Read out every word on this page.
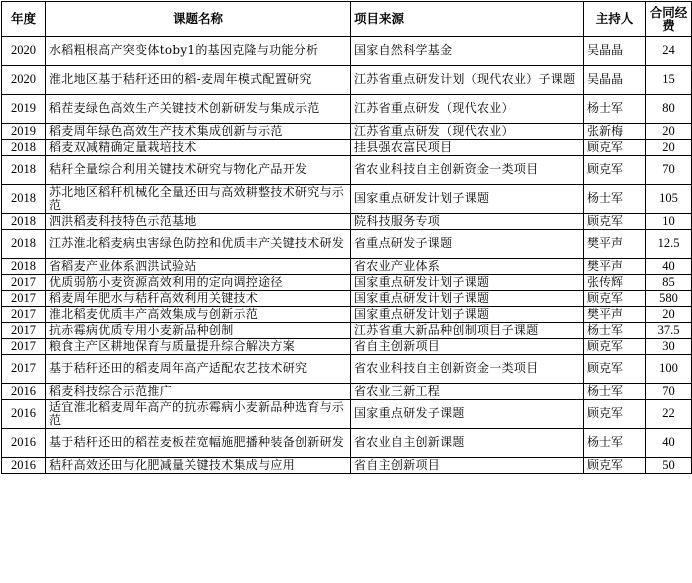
年度	课题名称	项目来源	主持人	合同经费
2020	水稻粗根高产突变体toby1的基因克隆与功能分析	国家自然科学基金	吴晶晶	24
2020	淮北地区基于秸秆还田的稻-麦周年模式配置研究	江苏省重点研发计划（现代农业）子课题	吴晶晶	15
2019	稻茬麦绿色高效生产关键技术创新研发与集成示范	江苏省重点研发（现代农业）	杨士军	80
2019	稻麦周年绿色高效生产技术集成创新与示范	江苏省重点研发（现代农业）	张新梅	20
2018	稻麦双减精确定量栽培技术	挂县强农富民项目	顾克军	20
2018	秸秆全量综合利用关键技术研究与物化产品开发	省农业科技自主创新资金一类项目	顾克军	70
2018	苏北地区稻秆机械化全量还田与高效耕整技术研究与示范	国家重点研发计划子课题	杨士军	105
2018	泗洪稻麦科技特色示范基地	院科技服务专项	顾克军	10
2018	江苏淮北稻麦病虫害绿色防控和优质丰产关键技术研发	省重点研发子课题	樊平声	12.5
2018	省稻麦产业体系泗洪试验站	省农业产业体系	樊平声	40
2017	优质弱筋小麦资源高效利用的定向调控途径	国家重点研发计划子课题	张传辉	85
2017	稻麦周年肥水与秸秆高效利用关键技术	国家重点研发计划子课题	顾克军	580
2017	淮北稻麦优质丰产高效集成与创新示范	国家重点研发计划子课题	樊平声	20
2017	抗赤霉病优质专用小麦新品种创制	江苏省重大新品种创制项目子课题	杨士军	37.5
2017	粮食主产区耕地保育与质量提升综合解决方案	省自主创新项目	顾克军	30
2017	基于秸秆还田的稻麦周年高产适配农艺技术研究	省农业科技自主创新资金一类项目	顾克军	100
2016	稻麦科技综合示范推广	省农业三新工程	杨士军	70
2016	适宜淮北稻麦周年高产的抗赤霉病小麦新品种选育与示范	国家重点研发子课题	顾克军	22
2016	基于秸秆还田的稻茬麦板茬宽幅施肥播种装备创新研发	省农业自主创新课题	杨士军	40
2016	秸秆高效还田与化肥减量关键技术集成与应用	省自主创新项目	顾克军	50
